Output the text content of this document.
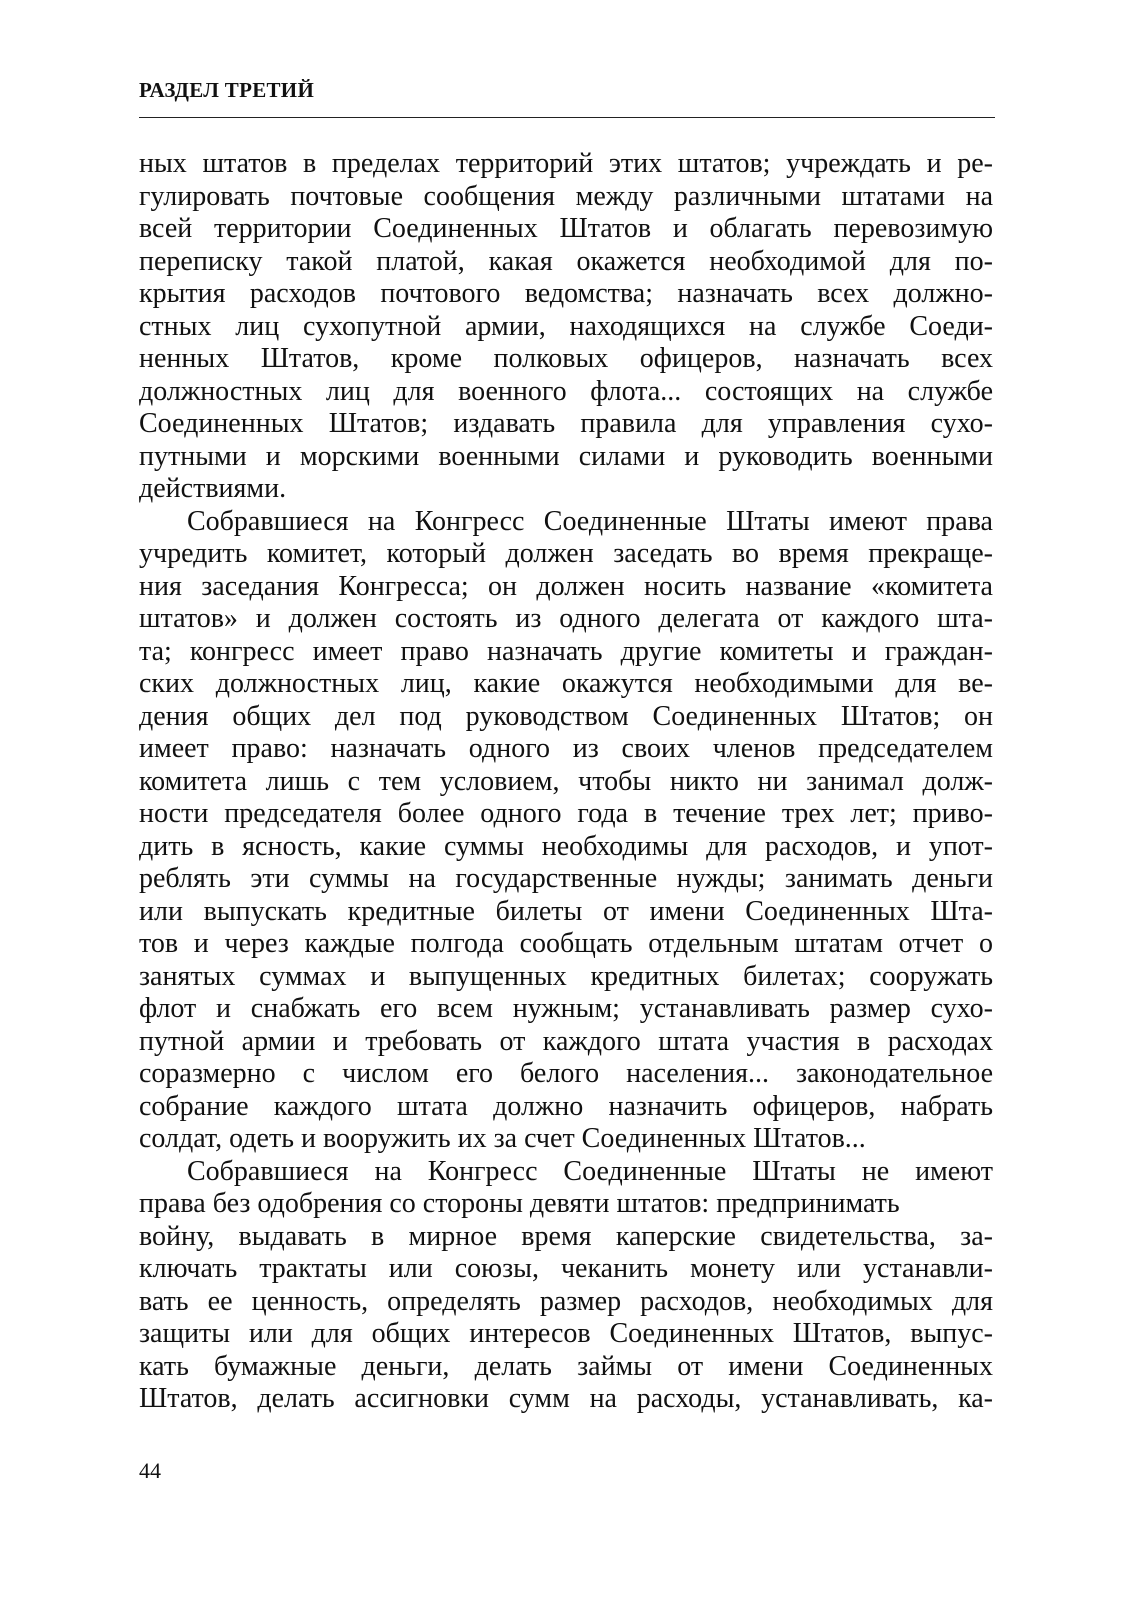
РАЗДЕЛ ТРЕТИЙ
ных штатов в пределах территорий этих штатов; учреждать и ре-
гулировать почтовые сообщения между различными штатами на
всей территории Соединенных Штатов и облагать перевозимую
переписку такой платой, какая окажется необходимой для по-
крытия расходов почтового ведомства; назначать всех должно-
стных лиц сухопутной армии, находящихся на службе Соеди-
ненных Штатов, кроме полковых офицеров, назначать всех
должностных лиц для военного флота... состоящих на службе
Соединенных Штатов; издавать правила для управления сухо-
путными и морскими военными силами и руководить военными
действиями.
Собравшиеся на Конгресс Соединенные Штаты имеют права
учредить комитет, который должен заседать во время прекраще-
ния заседания Конгресса; он должен носить название «комитета
штатов» и должен состоять из одного делегата от каждого шта-
та; конгресс имеет право назначать другие комитеты и граждан-
ских должностных лиц, какие окажутся необходимыми для ве-
дения общих дел под руководством Соединенных Штатов; он
имеет право: назначать одного из своих членов председателем
комитета лишь с тем условием, чтобы никто ни занимал долж-
ности председателя более одного года в течение трех лет; приво-
дить в ясность, какие суммы необходимы для расходов, и упот-
реблять эти суммы на государственные нужды; занимать деньги
или выпускать кредитные билеты от имени Соединенных Шта-
тов и через каждые полгода сообщать отдельным штатам отчет о
занятых суммах и выпущенных кредитных билетах; сооружать
флот и снабжать его всем нужным; устанавливать размер сухо-
путной армии и требовать от каждого штата участия в расходах
соразмерно с числом его белого населения... законодательное
собрание каждого штата должно назначить офицеров, набрать
солдат, одеть и вооружить их за счет Соединенных Штатов...
Собравшиеся на Конгресс Соединенные Штаты не имеют
права без одобрения со стороны девяти штатов: предпринимать
войну, выдавать в мирное время каперские свидетельства, за-
ключать трактаты или союзы, чеканить монету или устанавли-
вать ее ценность, определять размер расходов, необходимых для
защиты или для общих интересов Соединенных Штатов, выпус-
кать бумажные деньги, делать займы от имени Соединенных
Штатов, делать ассигновки сумм на расходы, устанавливать, ка-

44
